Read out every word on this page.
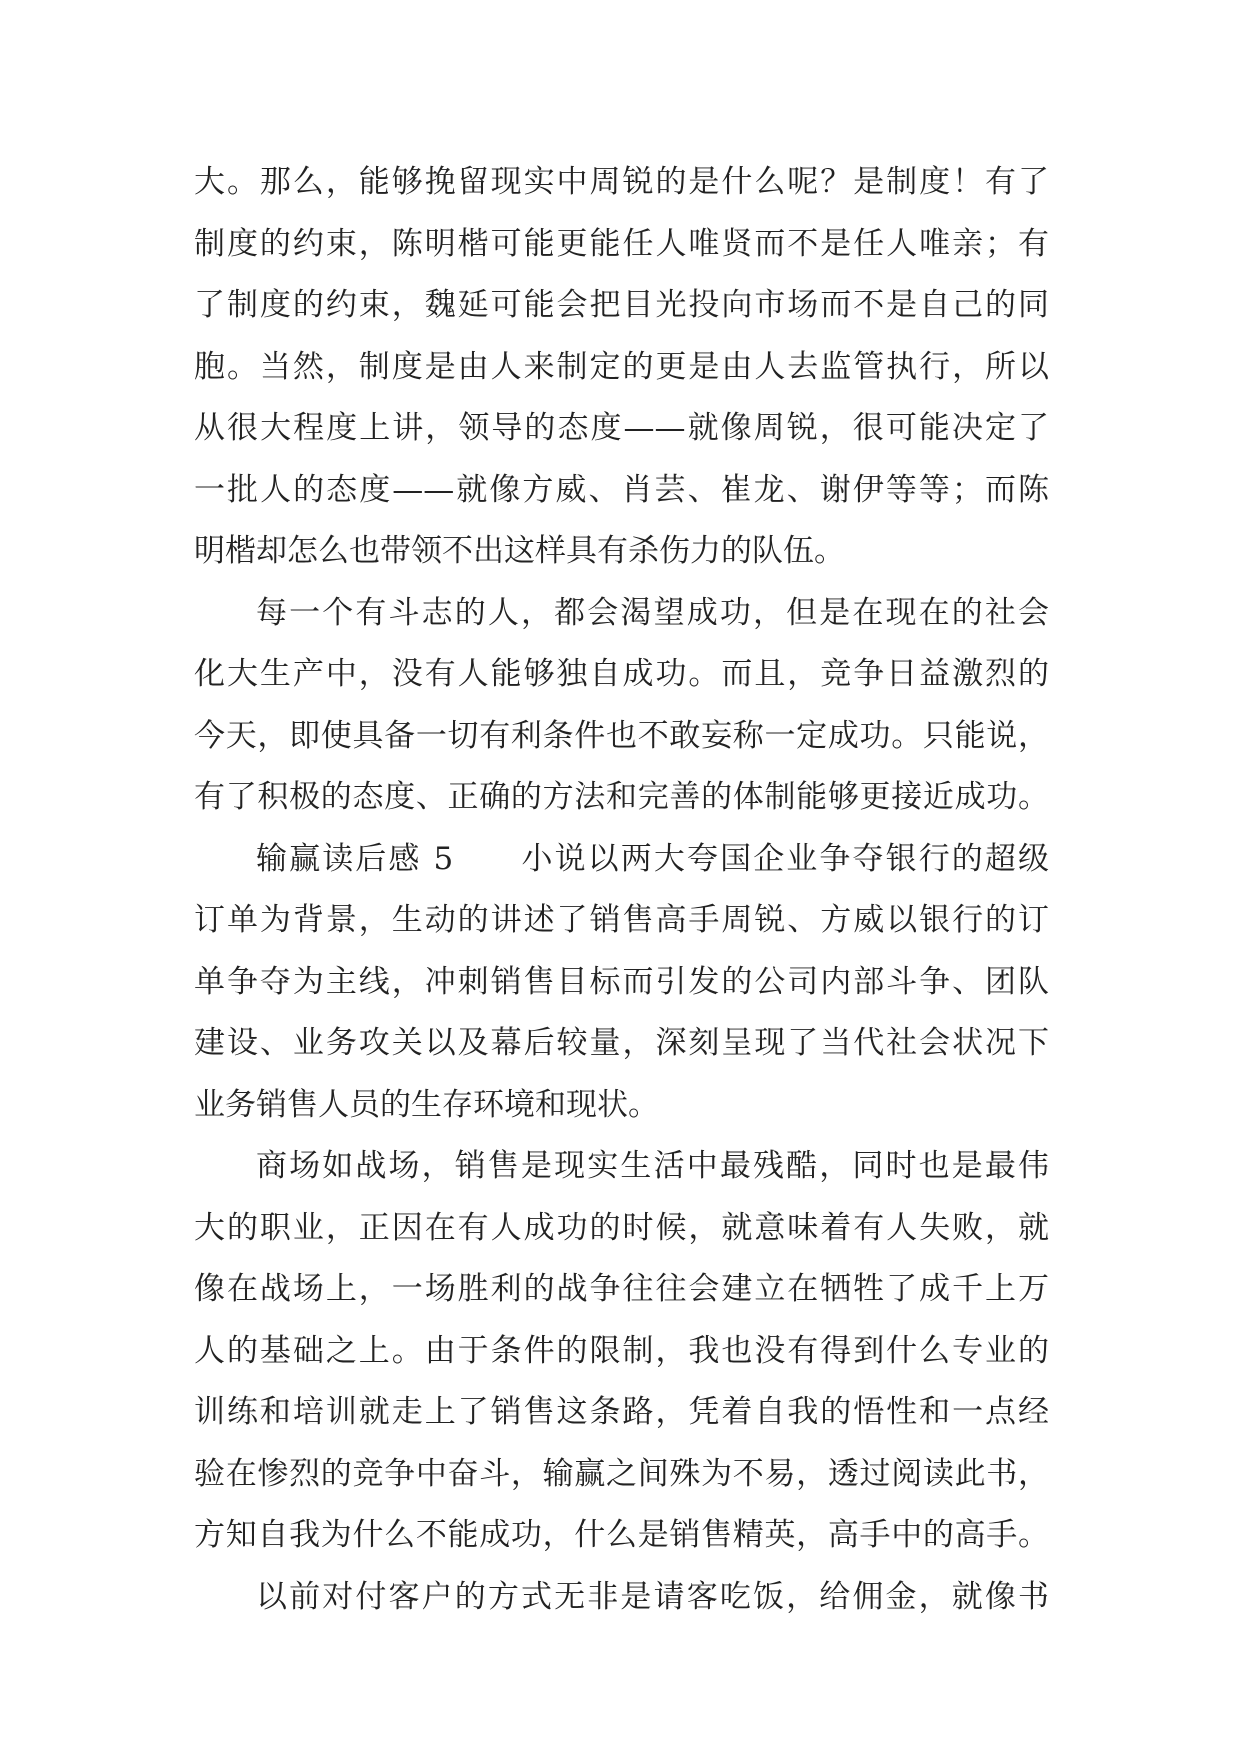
大。那么，能够挽留现实中周锐的是什么呢？是制度！有了
制度的约束，陈明楷可能更能任人唯贤而不是任人唯亲；有
了制度的约束，魏延可能会把目光投向市场而不是自己的同
胞。当然，制度是由人来制定的更是由人去监管执行，所以
从很大程度上讲，领导的态度——就像周锐，很可能决定了
一批人的态度——就像方威、肖芸、崔龙、谢伊等等；而陈
明楷却怎么也带领不出这样具有杀伤力的队伍。
每一个有斗志的人，都会渴望成功，但是在现在的社会
化大生产中，没有人能够独自成功。而且，竞争日益激烈的
今天，即使具备一切有利条件也不敢妄称一定成功。只能说，
有了积极的态度、正确的方法和完善的体制能够更接近成功。
输赢读后感 5　　小说以两大夸国企业争夺银行的超级
订单为背景，生动的讲述了销售高手周锐、方威以银行的订
单争夺为主线，冲刺销售目标而引发的公司内部斗争、团队
建设、业务攻关以及幕后较量，深刻呈现了当代社会状况下
业务销售人员的生存环境和现状。
商场如战场，销售是现实生活中最残酷，同时也是最伟
大的职业，正因在有人成功的时候，就意味着有人失败，就
像在战场上，一场胜利的战争往往会建立在牺牲了成千上万
人的基础之上。由于条件的限制，我也没有得到什么专业的
训练和培训就走上了销售这条路，凭着自我的悟性和一点经
验在惨烈的竞争中奋斗，输赢之间殊为不易，透过阅读此书，
方知自我为什么不能成功，什么是销售精英，高手中的高手。
以前对付客户的方式无非是请客吃饭，给佣金，就像书
